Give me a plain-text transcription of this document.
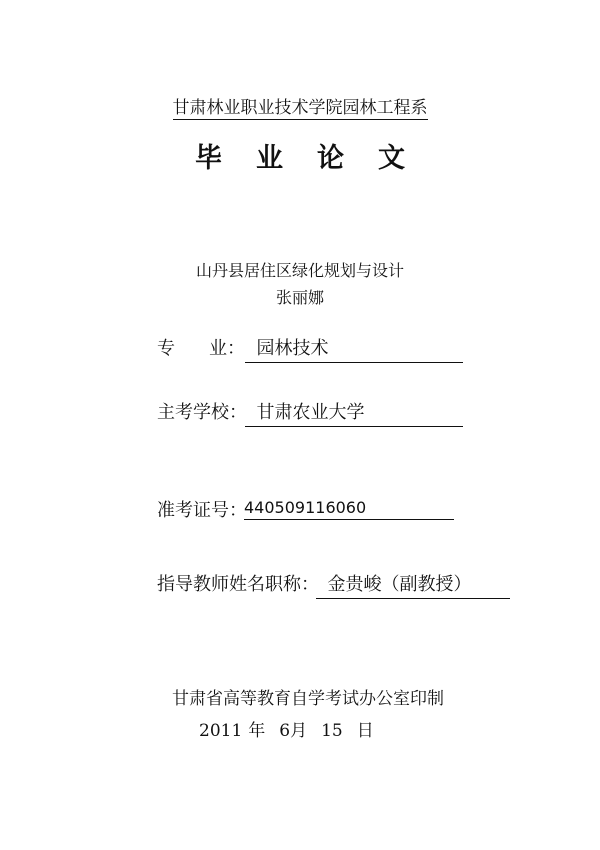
甘肃林业职业技术学院园林工程系
毕业论文
山丹县居住区绿化规划与设计
张丽娜
专 业： 园林技术
主考学校：
甘肃农业大学
准考证号：
440509116060
指导教师姓名职称：
金贵峻（副教授）
甘肃省高等教育自学考试办公室印制
2011 年 6月 15 日
